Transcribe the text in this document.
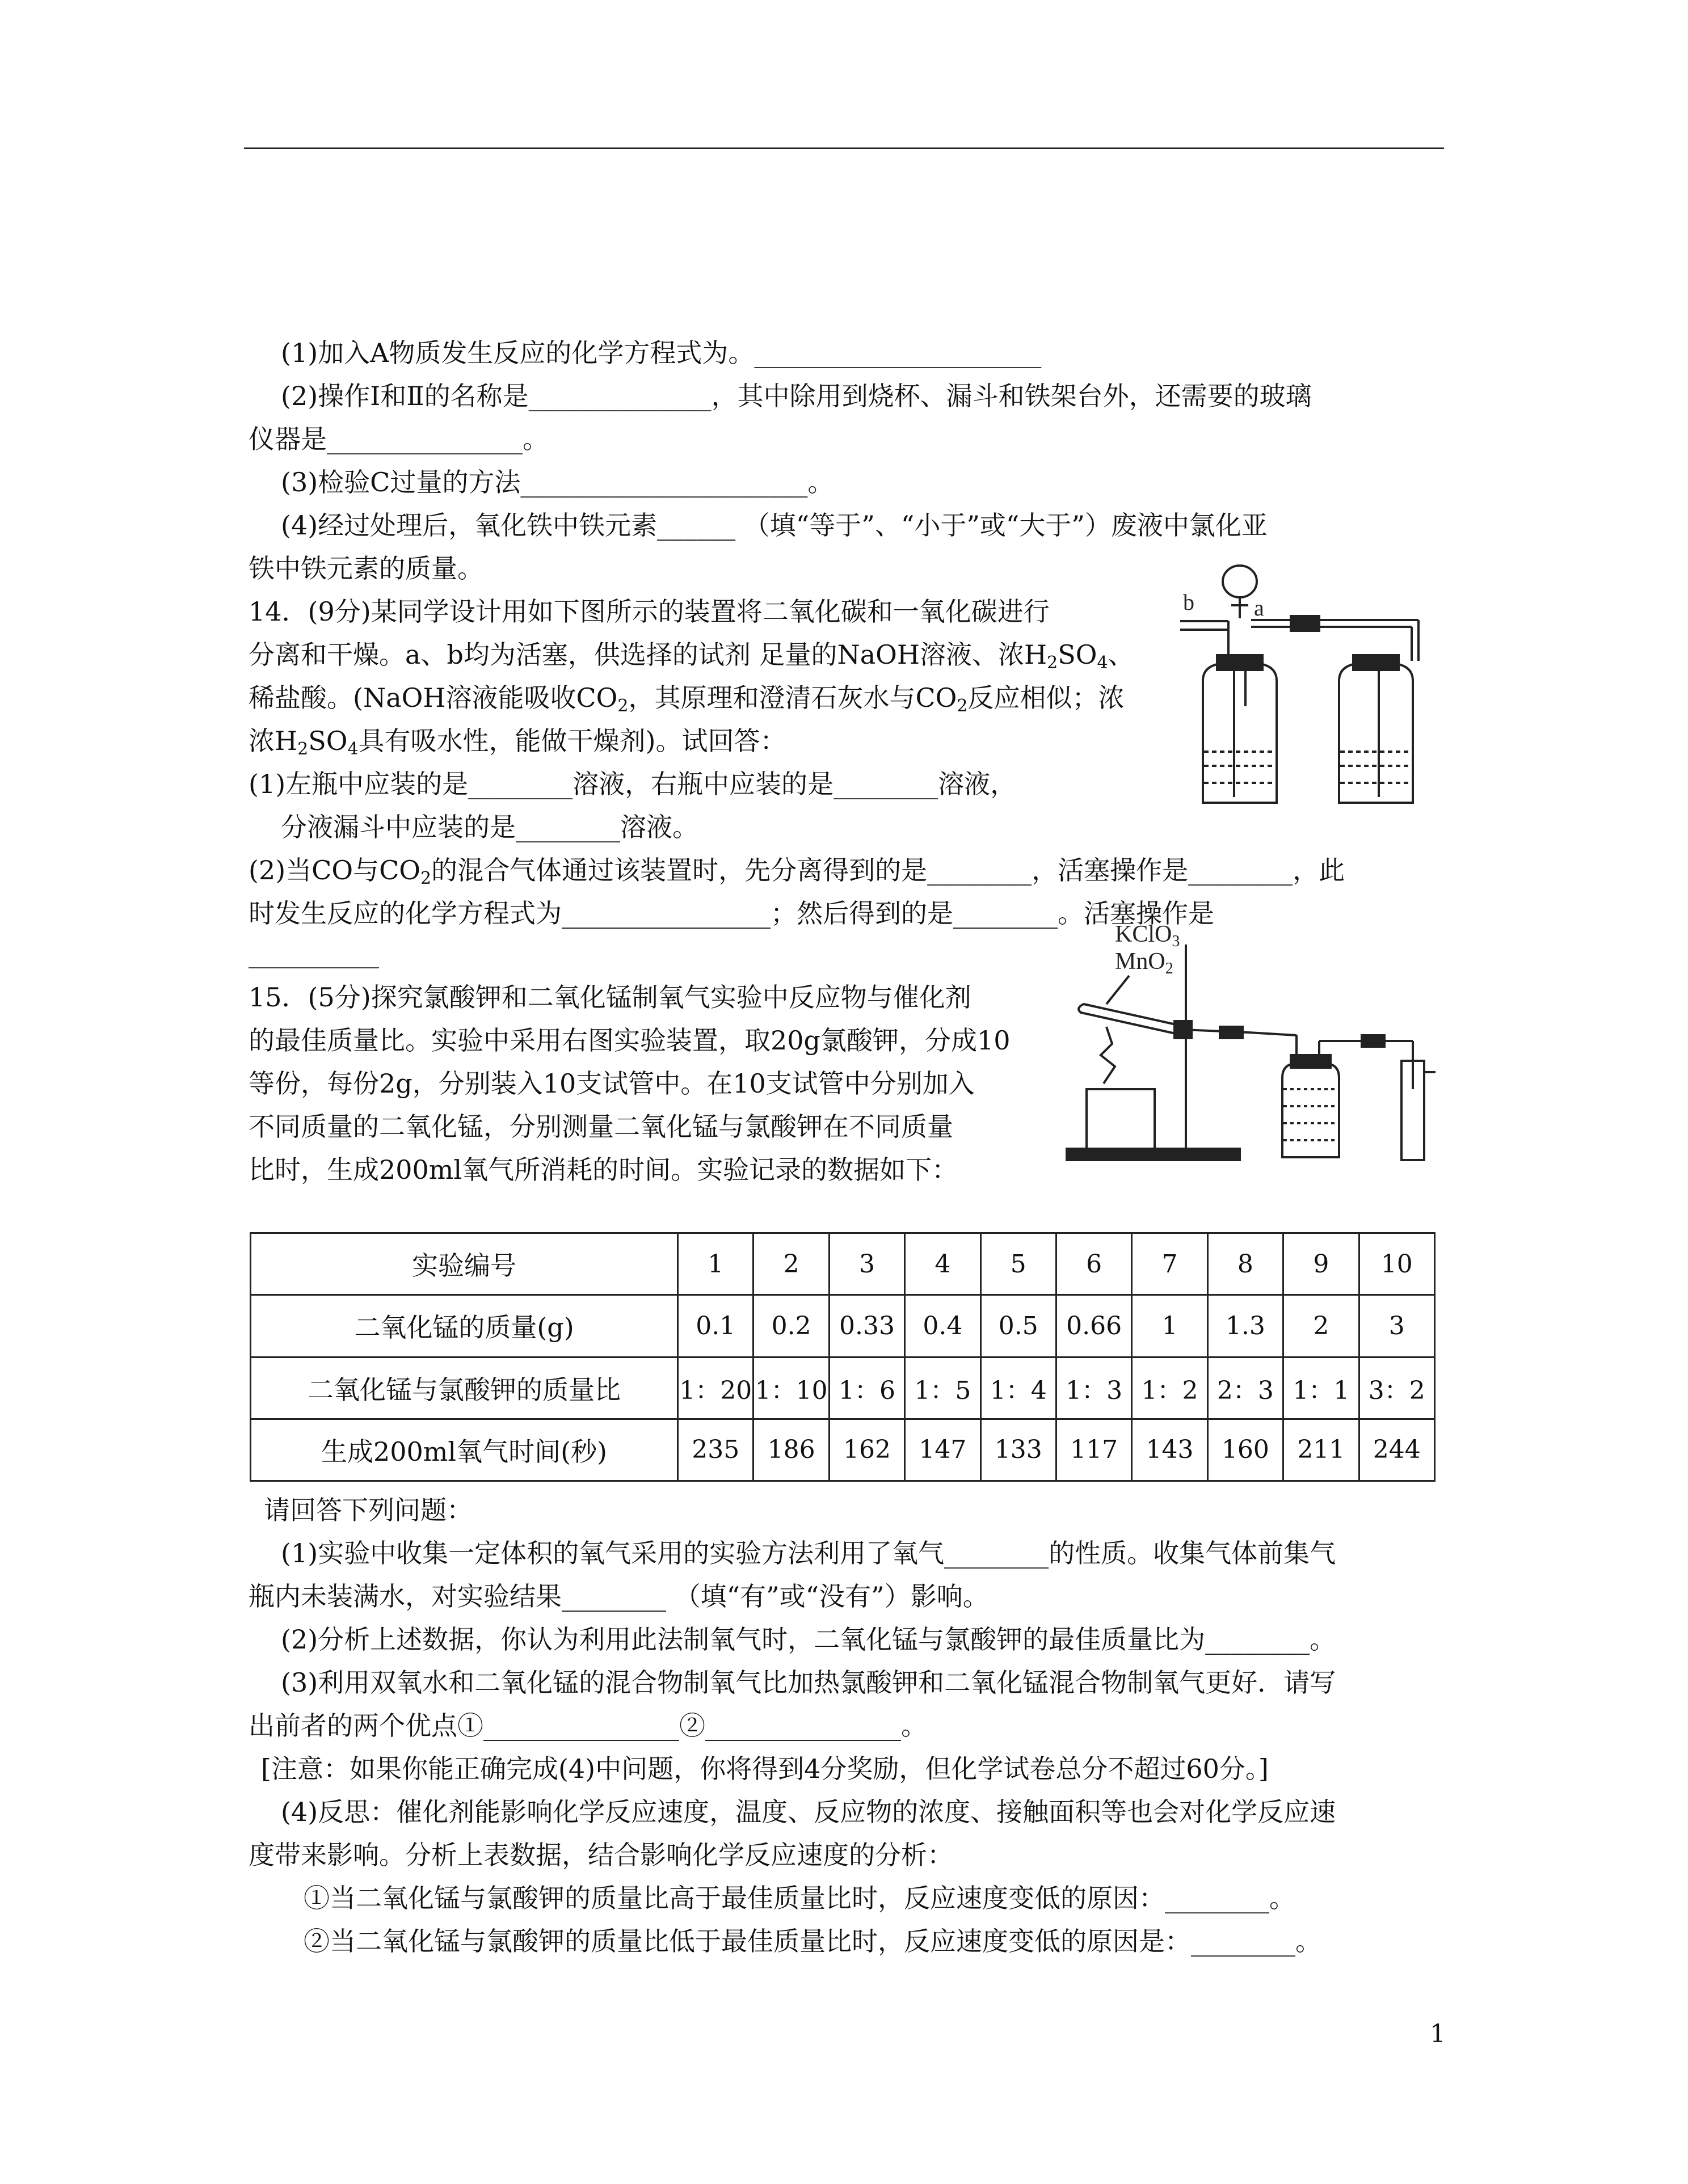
(1)加入A物质发生反应的化学方程式为。______________________
(2)操作I和Ⅱ的名称是______________，其中除用到烧杯、漏斗和铁架台外，还需要的玻璃
仪器是_______________。
(3)检验C过量的方法______________________。
(4)经过处理后，氧化铁中铁元素______ （填“等于”、“小于”或“大于”）废液中氯化亚
铁中铁元素的质量。
14．(9分)某同学设计用如下图所示的装置将二氧化碳和一氧化碳进行
分离和干燥。a、b均为活塞，供选择的试剂 足量的NaOH溶液、浓$H_2SO_4$、
稀盐酸。(NaOH溶液能吸收$CO_2$，其原理和澄清石灰水与$CO_2$反应相似；浓
浓$H_2SO_4$具有吸水性，能做干燥剂)。试回答：
(1)左瓶中应装的是________溶液，右瓶中应装的是________溶液，
分液漏斗中应装的是________溶液。
(2)当CO与$CO_2$的混合气体通过该装置时，先分离得到的是________，活塞操作是________，此
时发生反应的化学方程式为________________；然后得到的是________。活塞操作是
__________
b	a
15．(5分)探究氯酸钾和二氧化锰制氧气实验中反应物与催化剂
的最佳质量比。实验中采用右图实验装置，取20g氯酸钾，分成10
等份，每份2g，分别装入10支试管中。在10支试管中分别加入
不同质量的二氧化锰，分别测量二氧化锰与氯酸钾在不同质量
比时，生成200ml氧气所消耗的时间。实验记录的数据如下：
KClO3
MnO2
实验编号	1	2	3	4	5	6	7	8	9	10
二氧化锰的质量(g)	0.1	0.2	0.33	0.4	0.5	0.66	1	1.3	2	3
二氧化锰与氯酸钾的质量比	1：20	1：10	1：6	1：5	1：4	1：3	1：2	2：3	1：1	3：2
生成200ml氧气时间(秒)	235	186	162	147	133	117	143	160	211	244
请回答下列问题：
(1)实验中收集一定体积的氧气采用的实验方法利用了氧气________的性质。收集气体前集气
瓶内未装满水，对实验结果________ （填“有”或“没有”）影响。
(2)分析上述数据，你认为利用此法制氧气时，二氧化锰与氯酸钾的最佳质量比为________。
(3)利用双氧水和二氧化锰的混合物制氧气比加热氯酸钾和二氧化锰混合物制氧气更好．请写
出前者的两个优点①_______________②_______________。
[注意：如果你能正确完成(4)中问题，你将得到4分奖励，但化学试卷总分不超过60分。]
(4)反思：催化剂能影响化学反应速度，温度、反应物的浓度、接触面积等也会对化学反应速
度带来影响。分析上表数据，结合影响化学反应速度的分析：
①当二氧化锰与氯酸钾的质量比高于最佳质量比时，反应速度变低的原因：________。
②当二氧化锰与氯酸钾的质量比低于最佳质量比时，反应速度变低的原因是：________。
1
